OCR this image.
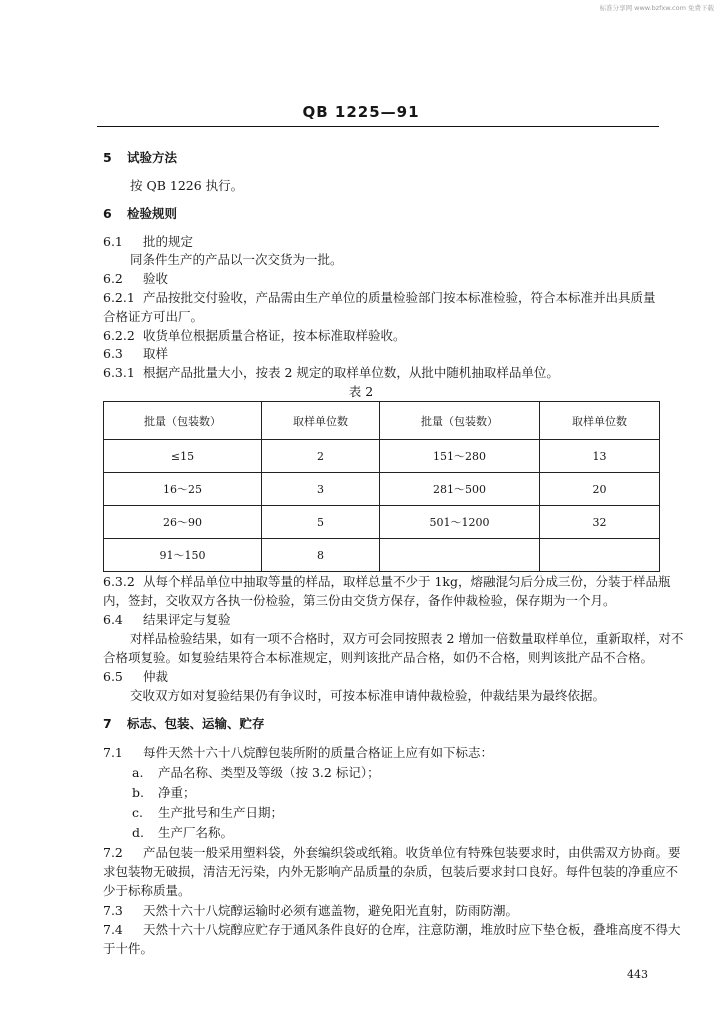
标准分享网 www.bzfxw.com 免费下载
QB 1225—91
5 试验方法
按 QB 1226 执行。
6 检验规则
6.1 批的规定
同条件生产的产品以一次交货为一批。
6.2 验收
6.2.1 产品按批交付验收，产品需由生产单位的质量检验部门按本标准检验，符合本标准并出具质量
合格证方可出厂。
6.2.2 收货单位根据质量合格证，按本标准取样验收。
6.3 取样
6.3.1 根据产品批量大小，按表 2 规定的取样单位数，从批中随机抽取样品单位。
表 2
批量（包装数）	取样单位数	批量（包装数）	取样单位数
≤15	2	151～280	13
16～25	3	281～500	20
26～90	5	501～1200	32
91～150	8		
6.3.2 从每个样品单位中抽取等量的样品，取样总量不少于 1kg，熔融混匀后分成三份，分装于样品瓶
内，签封，交收双方各执一份检验，第三份由交货方保存，备作仲裁检验，保存期为一个月。
6.4 结果评定与复验
对样品检验结果，如有一项不合格时，双方可会同按照表 2 增加一倍数量取样单位，重新取样，对不
合格项复验。如复验结果符合本标准规定，则判该批产品合格，如仍不合格，则判该批产品不合格。
6.5 仲裁
交收双方如对复验结果仍有争议时，可按本标准申请仲裁检验，仲裁结果为最终依据。
7 标志、包装、运输、贮存
7.1 每件天然十六十八烷醇包装所附的质量合格证上应有如下标志：
a. 产品名称、类型及等级（按 3.2 标记）；
b. 净重；
c. 生产批号和生产日期；
d. 生产厂名称。
7.2 产品包装一般采用塑料袋，外套编织袋或纸箱。收货单位有特殊包装要求时，由供需双方协商。要
求包装物无破损，清洁无污染，内外无影响产品质量的杂质，包装后要求封口良好。每件包装的净重应不
少于标称质量。
7.3 天然十六十八烷醇运输时必须有遮盖物，避免阳光直射，防雨防潮。
7.4 天然十六十八烷醇应贮存于通风条件良好的仓库，注意防潮，堆放时应下垫仓板，叠堆高度不得大
于十件。
443
